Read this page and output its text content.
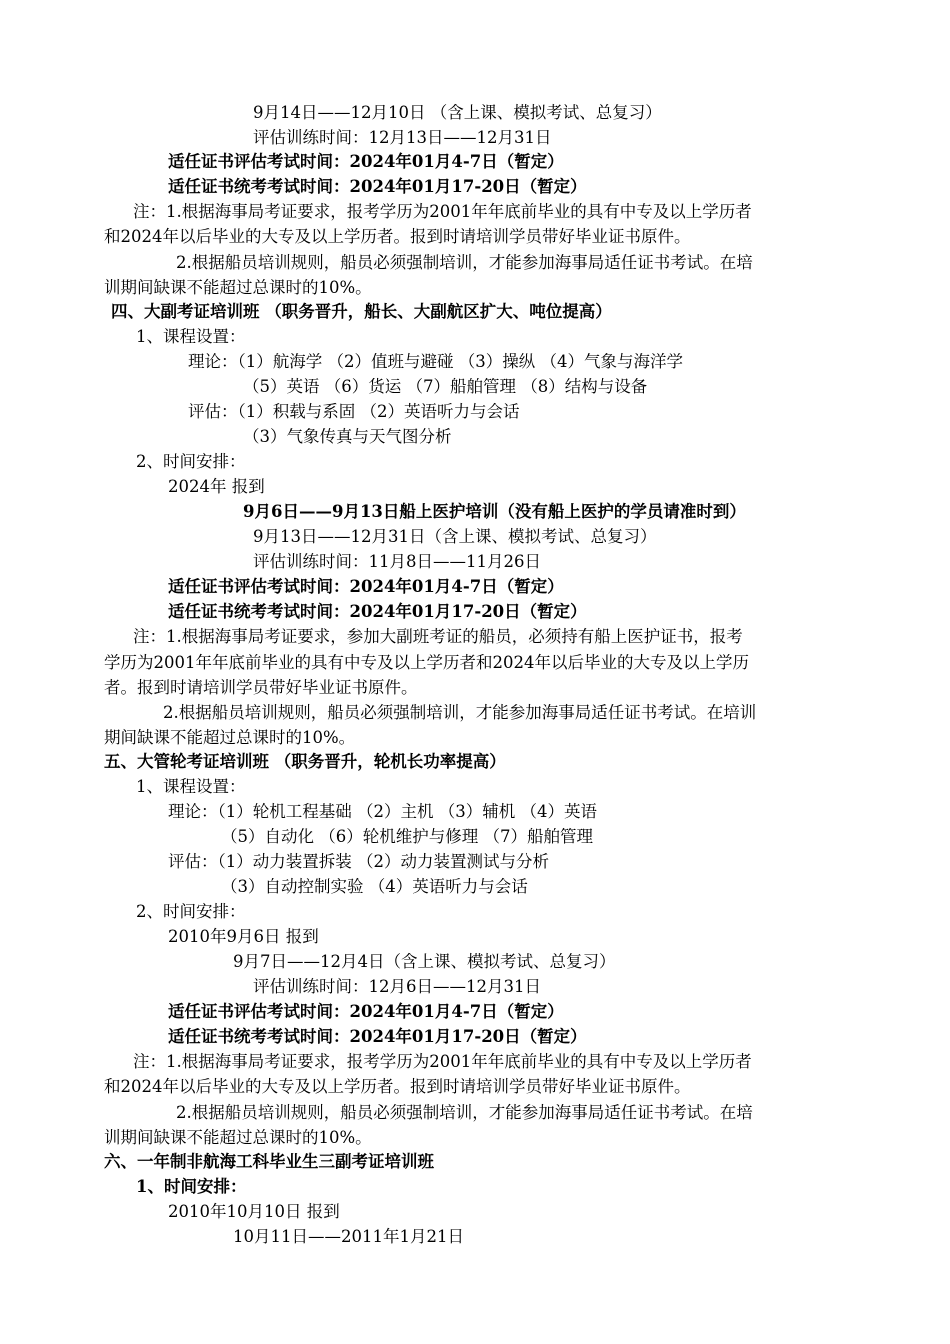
9月14日——12月10日 （含上课、模拟考试、总复习）
评估训练时间：12月13日——12月31日
适任证书评估考试时间：2024年01月4-7日（暂定）
适任证书统考考试时间：2024年01月17-20日（暂定）
注：1.根据海事局考证要求，报考学历为2001年年底前毕业的具有中专及以上学历者
和2024年以后毕业的大专及以上学历者。报到时请培训学员带好毕业证书原件。
2.根据船员培训规则，船员必须强制培训，才能参加海事局适任证书考试。在培
训期间缺课不能超过总课时的10%。
四、大副考证培训班 （职务晋升，船长、大副航区扩大、吨位提高）
1、课程设置：
理论：（1）航海学 （2）值班与避碰 （3）操纵 （4）气象与海洋学
（5）英语 （6）货运 （7）船舶管理 （8）结构与设备
评估：（1）积载与系固 （2）英语听力与会话
（3）气象传真与天气图分析
2、时间安排：
2024年 报到
9月6日——9月13日船上医护培训（没有船上医护的学员请准时到）
9月13日——12月31日（含上课、模拟考试、总复习）
评估训练时间：11月8日——11月26日
适任证书评估考试时间：2024年01月4-7日（暂定）
适任证书统考考试时间：2024年01月17-20日（暂定）
注：1.根据海事局考证要求，参加大副班考证的船员，必须持有船上医护证书，报考
学历为2001年年底前毕业的具有中专及以上学历者和2024年以后毕业的大专及以上学历
者。报到时请培训学员带好毕业证书原件。
2.根据船员培训规则，船员必须强制培训，才能参加海事局适任证书考试。在培训
期间缺课不能超过总课时的10%。
五、大管轮考证培训班 （职务晋升，轮机长功率提高）
1、课程设置：
理论：（1）轮机工程基础 （2）主机 （3）辅机 （4）英语
（5）自动化 （6）轮机维护与修理 （7）船舶管理
评估：（1）动力装置拆装 （2）动力装置测试与分析
（3）自动控制实验 （4）英语听力与会话
2、时间安排：
2010年9月6日 报到
9月7日——12月4日（含上课、模拟考试、总复习）
评估训练时间：12月6日——12月31日
适任证书评估考试时间：2024年01月4-7日（暂定）
适任证书统考考试时间：2024年01月17-20日（暂定）
注：1.根据海事局考证要求，报考学历为2001年年底前毕业的具有中专及以上学历者
和2024年以后毕业的大专及以上学历者。报到时请培训学员带好毕业证书原件。
2.根据船员培训规则，船员必须强制培训，才能参加海事局适任证书考试。在培
训期间缺课不能超过总课时的10%。
六、一年制非航海工科毕业生三副考证培训班
1、时间安排：
2010年10月10日 报到
10月11日——2011年1月21日
